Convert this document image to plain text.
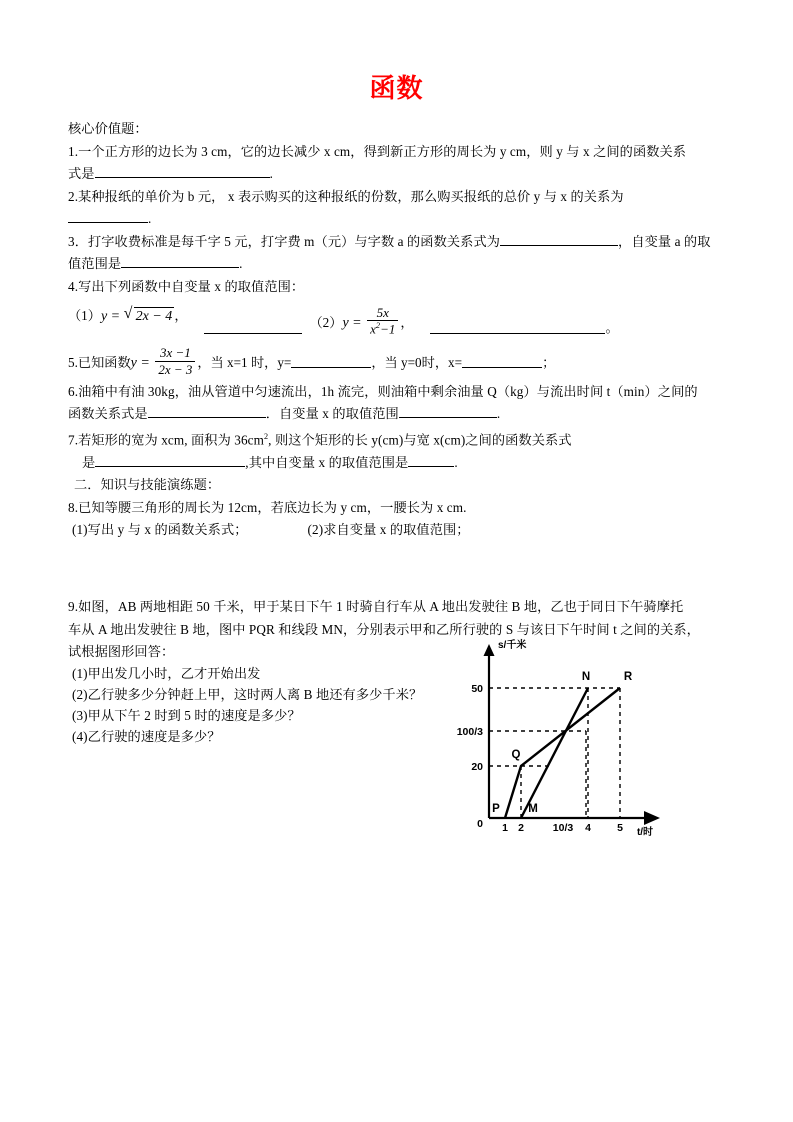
函数
核心价值题：
1.一个正方形的边长为 3 cm，它的边长减少 x cm，得到新正方形的周长为 y cm，则 y 与 x 之间的函数关系
式是	.
2.某种报纸的单价为 b 元， x 表示购买的这种报纸的份数，那么购买报纸的总价 y 与 x 的关系为
.
3．打字收费标准是每千字 5 元，打字费 m（元）与字数 a 的函数关系式为	，自变量 a 的取
值范围是	.
4.写出下列函数中自变量 x 的取值范围：
（1） y = √ 2x − 4 ，	（2） $y = \frac{5x}{x^2-1}$ ，	。
5.已知函数 $y = \frac{3x -1}{2x - 3}$ ，当 x=1 时，y=	，当 y=0时，x=	；
6.油箱中有油 30kg，油从管道中匀速流出，1h 流完，则油箱中剩余油量 Q（kg）与流出时间 t（min）之间的
函数关系式是	．自变量 x 的取值范围	.
7.若矩形的宽为 xcm, 面积为 $36cm^2$, 则这个矩形的长 y(cm)与宽 x(cm)之间的函数关系式
是	,其中自变量 x 的取值范围是	.
二．知识与技能演练题：
8.已知等腰三角形的周长为 12cm，若底边长为 y cm，一腰长为 x cm.
(1)写出 y 与 x 的函数关系式；	(2)求自变量 x 的取值范围；
9.如图，AB 两地相距 50 千米，甲于某日下午 1 时骑自行车从 A 地出发驶往 B 地，乙也于同日下午骑摩托
车从 A 地出发驶往 B 地，图中 PQR 和线段 MN，分别表示甲和乙所行驶的 S 与该日下午时间 t 之间的关系，
试根据图形回答：
(1)甲出发几小时，乙才开始出发
(2)乙行驶多少分钟赶上甲，这时两人离 B 地还有多少千米？
(3)甲从下午 2 时到 5 时的速度是多少？
(4)乙行驶的速度是多少？
50
100/3
20
0 1 2	10/3 4 5
P
Q
M
N	R
s/千米
t/时
